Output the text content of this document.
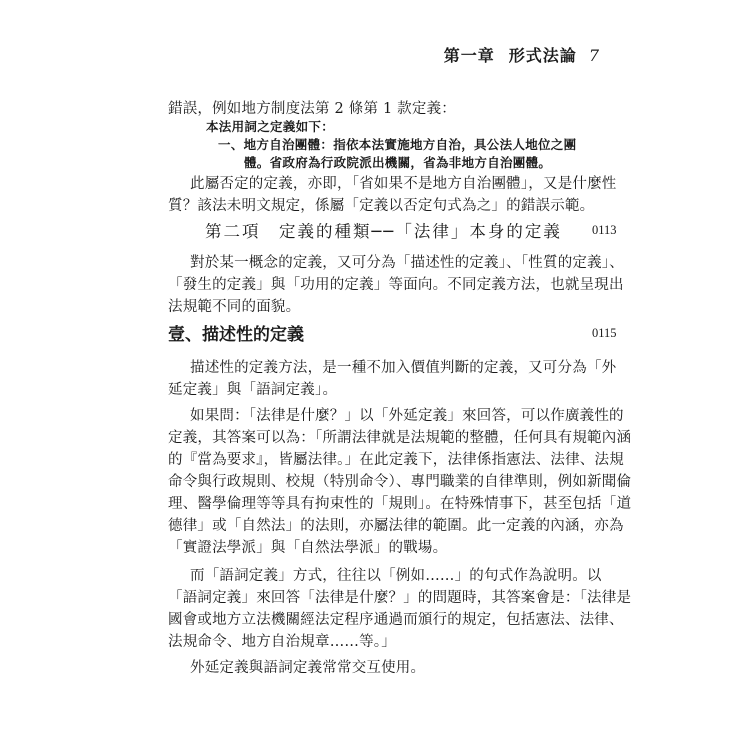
第一章 形式法論 7
錯誤，例如地方制度法第 2 條第 1 款定義：
本法用詞之定義如下：
一、地方自治團體：指依本法實施地方自治，具公法人地位之團
體。省政府為行政院派出機關，省為非地方自治團體。
此屬否定的定義，亦即，「省如果不是地方自治團體」，又是什麼性
質？該法未明文規定，係屬「定義以否定句式為之」的錯誤示範。
第二項　定義的種類──「法律」本身的定義 0113
對於某一概念的定義，又可分為「描述性的定義」、「性質的定義」、
「發生的定義」與「功用的定義」等面向。不同定義方法，也就呈現出
法規範不同的面貌。
壹、描述性的定義	0115
描述性的定義方法，是一種不加入價值判斷的定義，又可分為「外
延定義」與「語詞定義」。
如果問：「法律是什麼？」以「外延定義」來回答，可以作廣義性的
定義，其答案可以為：「所謂法律就是法規範的整體，任何具有規範內涵
的『當為要求』，皆屬法律。」在此定義下，法律係指憲法、法律、法規
命令與行政規則、校規（特別命令）、專門職業的自律準則，例如新聞倫
理、醫學倫理等等具有拘束性的「規則」。在特殊情事下，甚至包括「道
德律」或「自然法」的法則，亦屬法律的範圍。此一定義的內涵，亦為
「實證法學派」與「自然法學派」的戰場。
而「語詞定義」方式，往往以「例如……」的句式作為說明。以
「語詞定義」來回答「法律是什麼？」的問題時，其答案會是：「法律是
國會或地方立法機關經法定程序通過而頒行的規定，包括憲法、法律、
法規命令、地方自治規章……等。」
外延定義與語詞定義常常交互使用。
